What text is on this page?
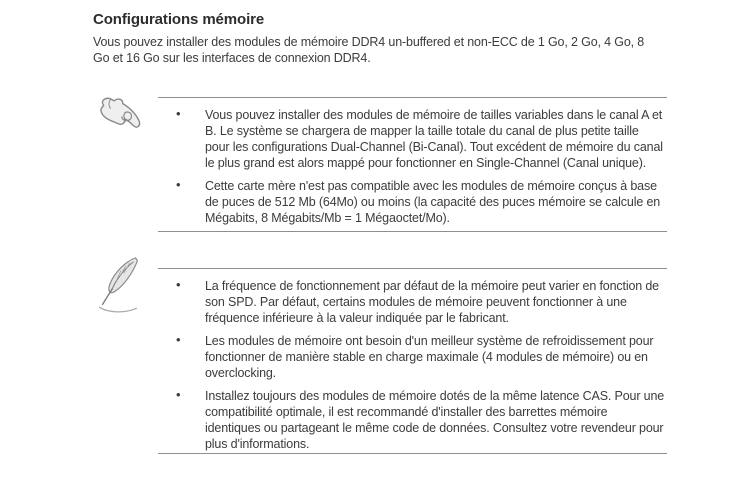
Configurations mémoire

Vous pouvez installer des modules de mémoire DDR4 un-buffered et non-ECC de 1 Go, 2 Go, 4 Go, 8 Go et 16 Go sur les interfaces de connexion DDR4.

• Vous pouvez installer des modules de mémoire de tailles variables dans le canal A et B. Le système se chargera de mapper la taille totale du canal de plus petite taille pour les configurations Dual-Channel (Bi-Canal). Tout excédent de mémoire du canal le plus grand est alors mappé pour fonctionner en Single-Channel (Canal unique).
• Cette carte mère n'est pas compatible avec les modules de mémoire conçus à base de puces de 512 Mb (64Mo) ou moins (la capacité des puces mémoire se calcule en Mégabits, 8 Mégabits/Mb = 1 Mégaoctet/Mo).
• La fréquence de fonctionnement par défaut de la mémoire peut varier en fonction de son SPD. Par défaut, certains modules de mémoire peuvent fonctionner à une fréquence inférieure à la valeur indiquée par le fabricant.
• Les modules de mémoire ont besoin d'un meilleur système de refroidissement pour fonctionner de manière stable en charge maximale (4 modules de mémoire) ou en overclocking.
• Installez toujours des modules de mémoire dotés de la même latence CAS. Pour une compatibilité optimale, il est recommandé d'installer des barrettes mémoire identiques ou partageant le même code de données. Consultez votre revendeur pour plus d'informations.
